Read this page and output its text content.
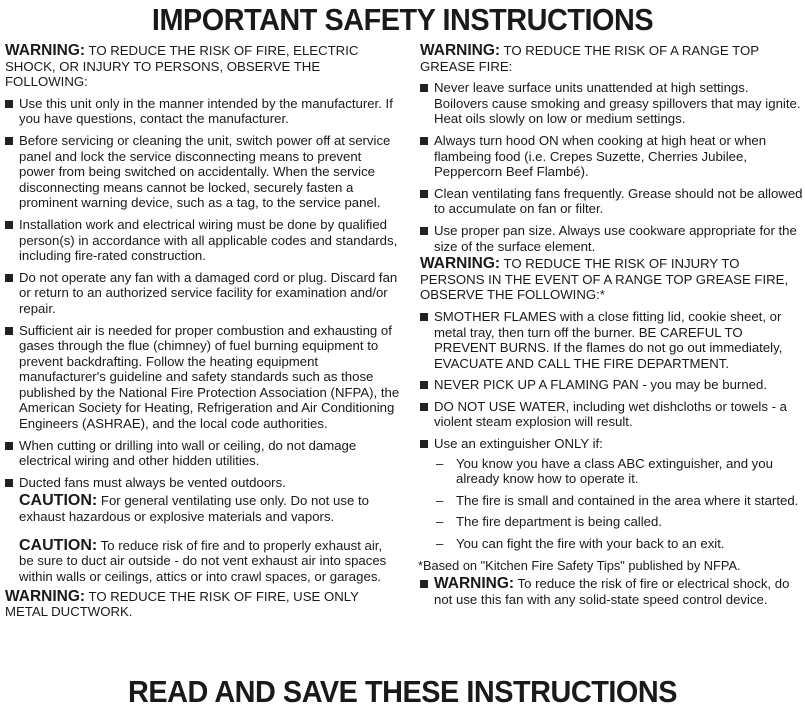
IMPORTANT SAFETY INSTRUCTIONS

WARNING: TO REDUCE THE RISK OF FIRE, ELECTRIC SHOCK, OR INJURY TO PERSONS, OBSERVE THE FOLLOWING:

Use this unit only in the manner intended by the manufacturer. If you have questions, contact the manufacturer.
Before servicing or cleaning the unit, switch power off at service panel and lock the service disconnecting means to prevent power from being switched on accidentally. When the service disconnecting means cannot be locked, securely fasten a prominent warning device, such as a tag, to the service panel.
Installation work and electrical wiring must be done by qualified person(s) in accordance with all applicable codes and standards, including fire-rated construction.
Do not operate any fan with a damaged cord or plug. Discard fan or return to an authorized service facility for examination and/or repair.
Sufficient air is needed for proper combustion and exhausting of gases through the flue (chimney) of fuel burning equipment to prevent backdrafting. Follow the heating equipment manufacturer's guideline and safety standards such as those published by the National Fire Protection Association (NFPA), the American Society for Heating, Refrigeration and Air Conditioning Engineers (ASHRAE), and the local code authorities.
When cutting or drilling into wall or ceiling, do not damage electrical wiring and other hidden utilities.
Ducted fans must always be vented outdoors.

CAUTION: For general ventilating use only. Do not use to exhaust hazardous or explosive materials and vapors.

CAUTION: To reduce risk of fire and to properly exhaust air, be sure to duct air outside - do not vent exhaust air into spaces within walls or ceilings, attics or into crawl spaces, or garages.

WARNING: TO REDUCE THE RISK OF FIRE, USE ONLY METAL DUCTWORK.

WARNING: TO REDUCE THE RISK OF A RANGE TOP GREASE FIRE:

Never leave surface units unattended at high settings. Boilovers cause smoking and greasy spillovers that may ignite. Heat oils slowly on low or medium settings.
Always turn hood ON when cooking at high heat or when flambeing food (i.e. Crepes Suzette, Cherries Jubilee, Peppercorn Beef Flambé).
Clean ventilating fans frequently. Grease should not be allowed to accumulate on fan or filter.
Use proper pan size. Always use cookware appropriate for the size of the surface element.

WARNING: TO REDUCE THE RISK OF INJURY TO PERSONS IN THE EVENT OF A RANGE TOP GREASE FIRE, OBSERVE THE FOLLOWING:*

SMOTHER FLAMES with a close fitting lid, cookie sheet, or metal tray, then turn off the burner. BE CAREFUL TO PREVENT BURNS. If the flames do not go out immediately, EVACUATE AND CALL THE FIRE DEPARTMENT.
NEVER PICK UP A FLAMING PAN - you may be burned.
DO NOT USE WATER, including wet dishcloths or towels - a violent steam explosion will result.
Use an extinguisher ONLY if:
– You know you have a class ABC extinguisher, and you already know how to operate it.
– The fire is small and contained in the area where it started.
– The fire department is being called.
– You can fight the fire with your back to an exit.

*Based on "Kitchen Fire Safety Tips" published by NFPA.

WARNING: To reduce the risk of fire or electrical shock, do not use this fan with any solid-state speed control device.
READ AND SAVE THESE INSTRUCTIONS
